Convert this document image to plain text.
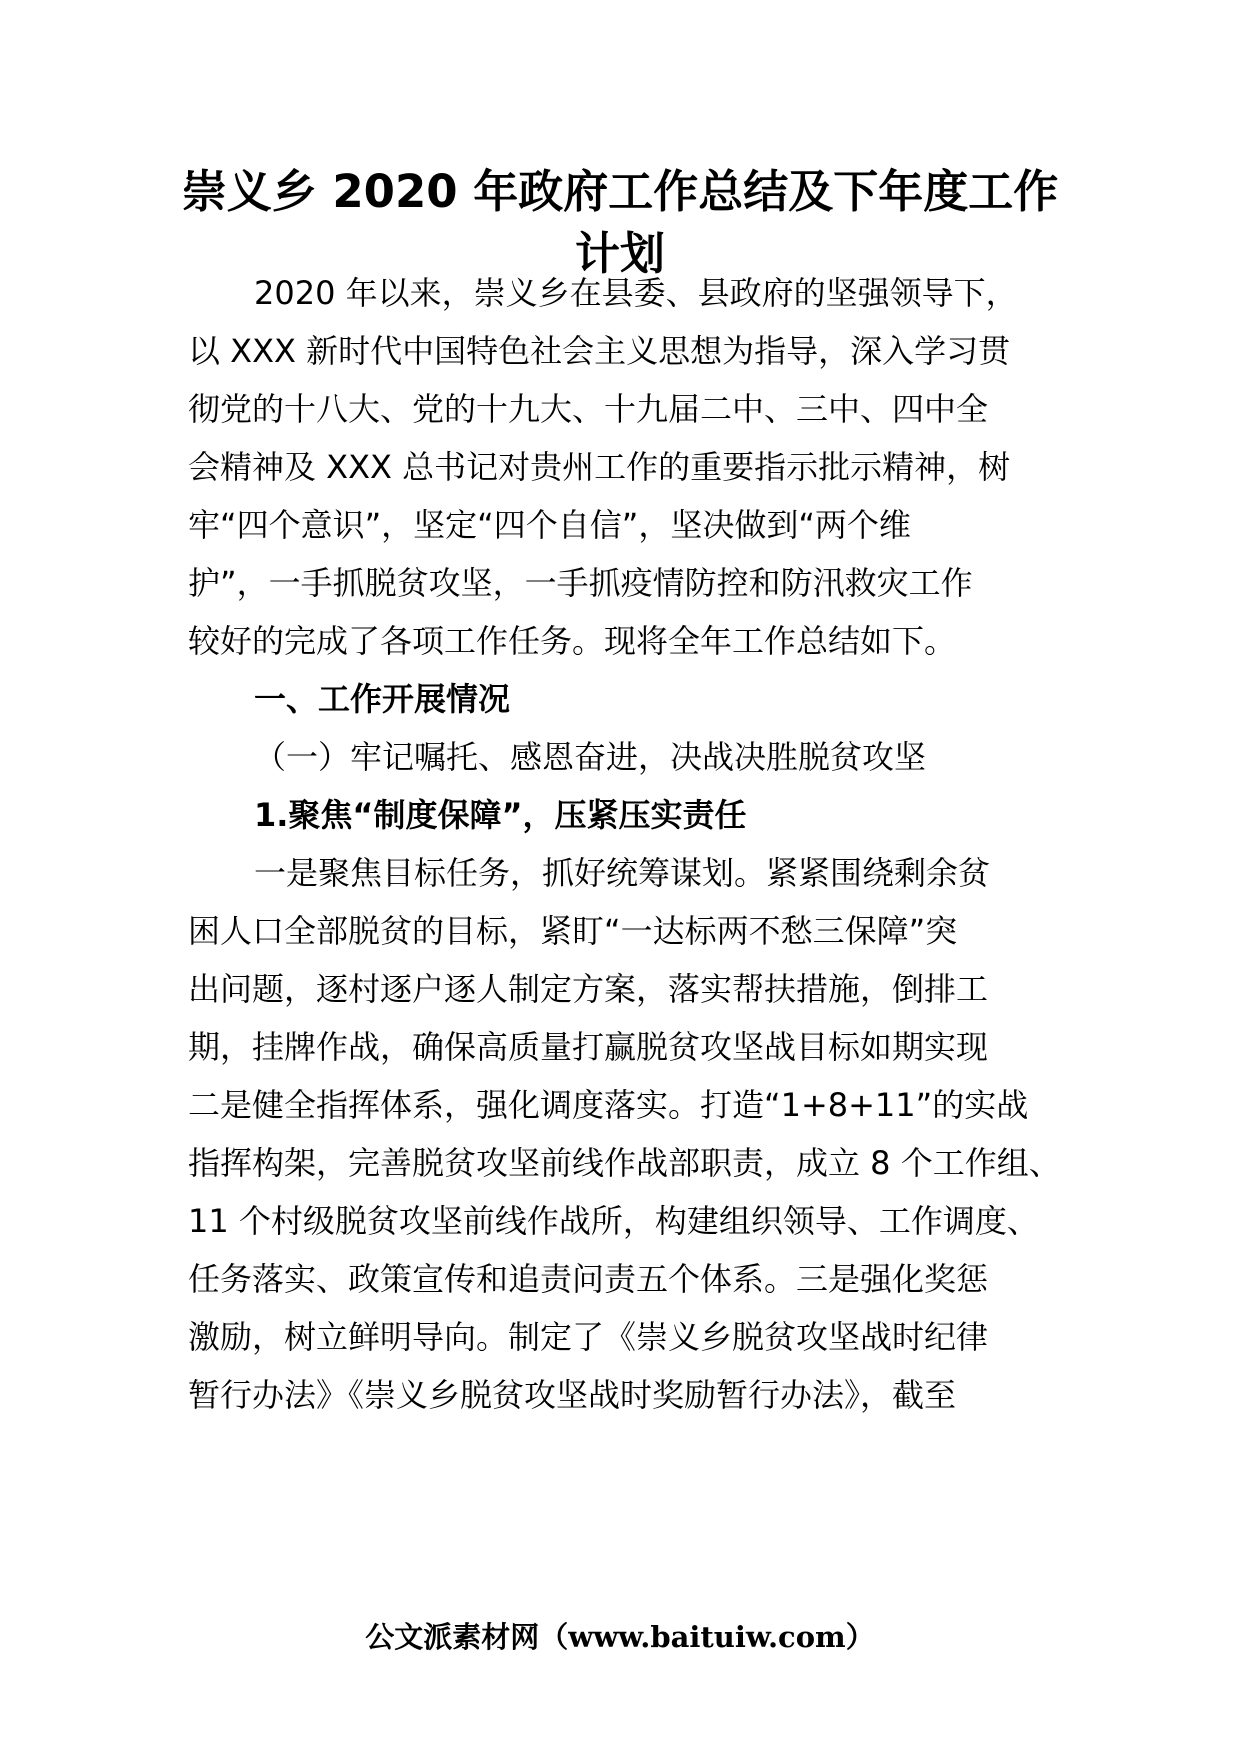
崇义乡 2020 年政府工作总结及下年度工作
计划

2020 年以来，崇义乡在县委、县政府的坚强领导下，

以 XXX 新时代中国特色社会主义思想为指导，深入学习贯

彻党的十八大、党的十九大、十九届二中、三中、四中全

会精神及 XXX 总书记对贵州工作的重要指示批示精神，树

牢“四个意识”，坚定“四个自信”，坚决做到“两个维

护”，一手抓脱贫攻坚，一手抓疫情防控和防汛救灾工作

较好的完成了各项工作任务。现将全年工作总结如下。

一、工作开展情况

（一）牢记嘱托、感恩奋进，决战决胜脱贫攻坚

1.聚焦“制度保障”，压紧压实责任

一是聚焦目标任务，抓好统筹谋划。紧紧围绕剩余贫

困人口全部脱贫的目标，紧盯“一达标两不愁三保障”突

出问题，逐村逐户逐人制定方案，落实帮扶措施，倒排工

期，挂牌作战，确保高质量打赢脱贫攻坚战目标如期实现

二是健全指挥体系，强化调度落实。打造“1+8+11”的实战

指挥构架，完善脱贫攻坚前线作战部职责，成立 8 个工作组、

11 个村级脱贫攻坚前线作战所，构建组织领导、工作调度、

任务落实、政策宣传和追责问责五个体系。三是强化奖惩

激励，树立鲜明导向。制定了《崇义乡脱贫攻坚战时纪律

暂行办法》《崇义乡脱贫攻坚战时奖励暂行办法》，截至

公文派素材网（www.baituiw.com）
